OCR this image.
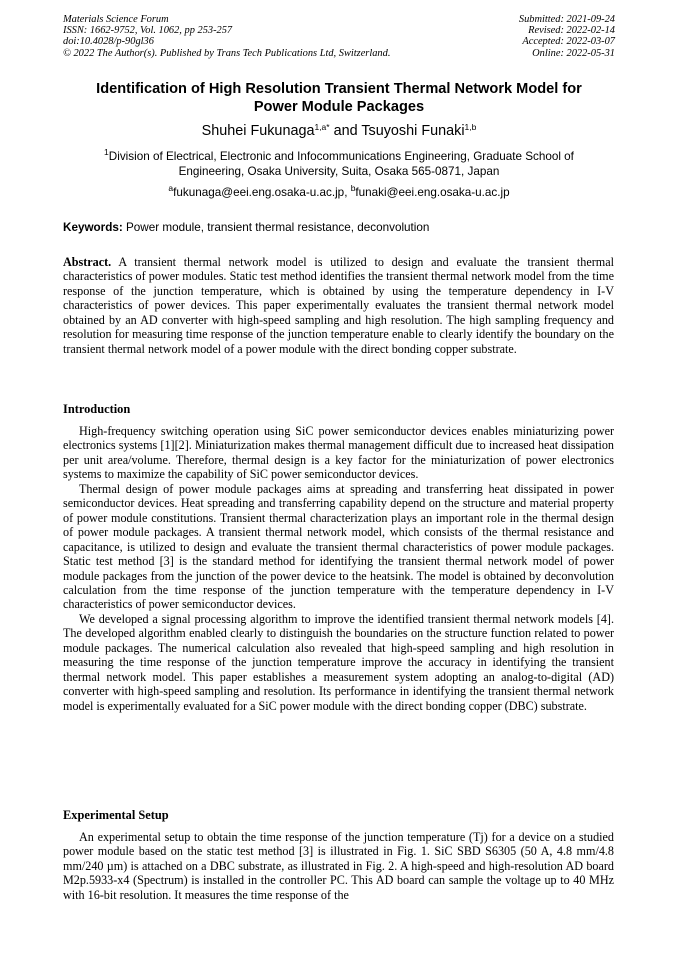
Materials Science Forum
ISSN: 1662-9752, Vol. 1062, pp 253-257
doi:10.4028/p-90gl36
© 2022 The Author(s). Published by Trans Tech Publications Ltd, Switzerland.
Submitted: 2021-09-24
Revised: 2022-02-14
Accepted: 2022-03-07
Online: 2022-05-31
Identification of High Resolution Transient Thermal Network Model for
Power Module Packages
Shuhei Fukunaga$^{1,a*}$ and Tsuyoshi Funaki$^{1,b}$
$^1$Division of Electrical, Electronic and Infocommunications Engineering, Graduate School of
Engineering, Osaka University, Suita, Osaka 565-0871, Japan
$^a$fukunaga@eei.eng.osaka-u.ac.jp, $^b$funaki@eei.eng.osaka-u.ac.jp
Keywords: Power module, transient thermal resistance, deconvolution
Abstract. A transient thermal network model is utilized to design and evaluate the transient thermal characteristics of power modules. Static test method identifies the transient thermal network model from the time response of the junction temperature, which is obtained by using the temperature dependency in I-V characteristics of power devices. This paper experimentally evaluates the transient thermal network model obtained by an AD converter with high-speed sampling and high resolution. The high sampling frequency and resolution for measuring time response of the junction temperature enable to clearly identify the boundary on the transient thermal network model of a power module with the direct bonding copper substrate.
Introduction

High-frequency switching operation using SiC power semiconductor devices enables miniaturizing power electronics systems [1][2]. Miniaturization makes thermal management difficult due to increased heat dissipation per unit area/volume. Therefore, thermal design is a key factor for the miniaturization of power electronics systems to maximize the capability of SiC power semiconductor devices.

Thermal design of power module packages aims at spreading and transferring heat dissipated in power semiconductor devices. Heat spreading and transferring capability depend on the structure and material property of power module constitutions. Transient thermal characterization plays an important role in the thermal design of power module packages. A transient thermal network model, which consists of the thermal resistance and capacitance, is utilized to design and evaluate the transient thermal characteristics of power module packages. Static test method [3] is the standard method for identifying the transient thermal network model of power module packages from the junction of the power device to the heatsink. The model is obtained by deconvolution calculation from the time response of the junction temperature with the temperature dependency in I-V characteristics of power semiconductor devices.

We developed a signal processing algorithm to improve the identified transient thermal network models [4]. The developed algorithm enabled clearly to distinguish the boundaries on the structure function related to power module packages. The numerical calculation also revealed that high-speed sampling and high resolution in measuring the time response of the junction temperature improve the accuracy in identifying the transient thermal network model. This paper establishes a measurement system adopting an analog-to-digital (AD) converter with high-speed sampling and resolution. Its performance in identifying the transient thermal network model is experimentally evaluated for a SiC power module with the direct bonding copper (DBC) substrate.

Experimental Setup

An experimental setup to obtain the time response of the junction temperature (Tj) for a device on a studied power module based on the static test method [3] is illustrated in Fig. 1. SiC SBD S6305 (50 A, 4.8 mm/4.8 mm/240 µm) is attached on a DBC substrate, as illustrated in Fig. 2. A high-speed and high-resolution AD board M2p.5933-x4 (Spectrum) is installed in the controller PC. This AD board can sample the voltage up to 40 MHz with 16-bit resolution. It measures the time response of the
